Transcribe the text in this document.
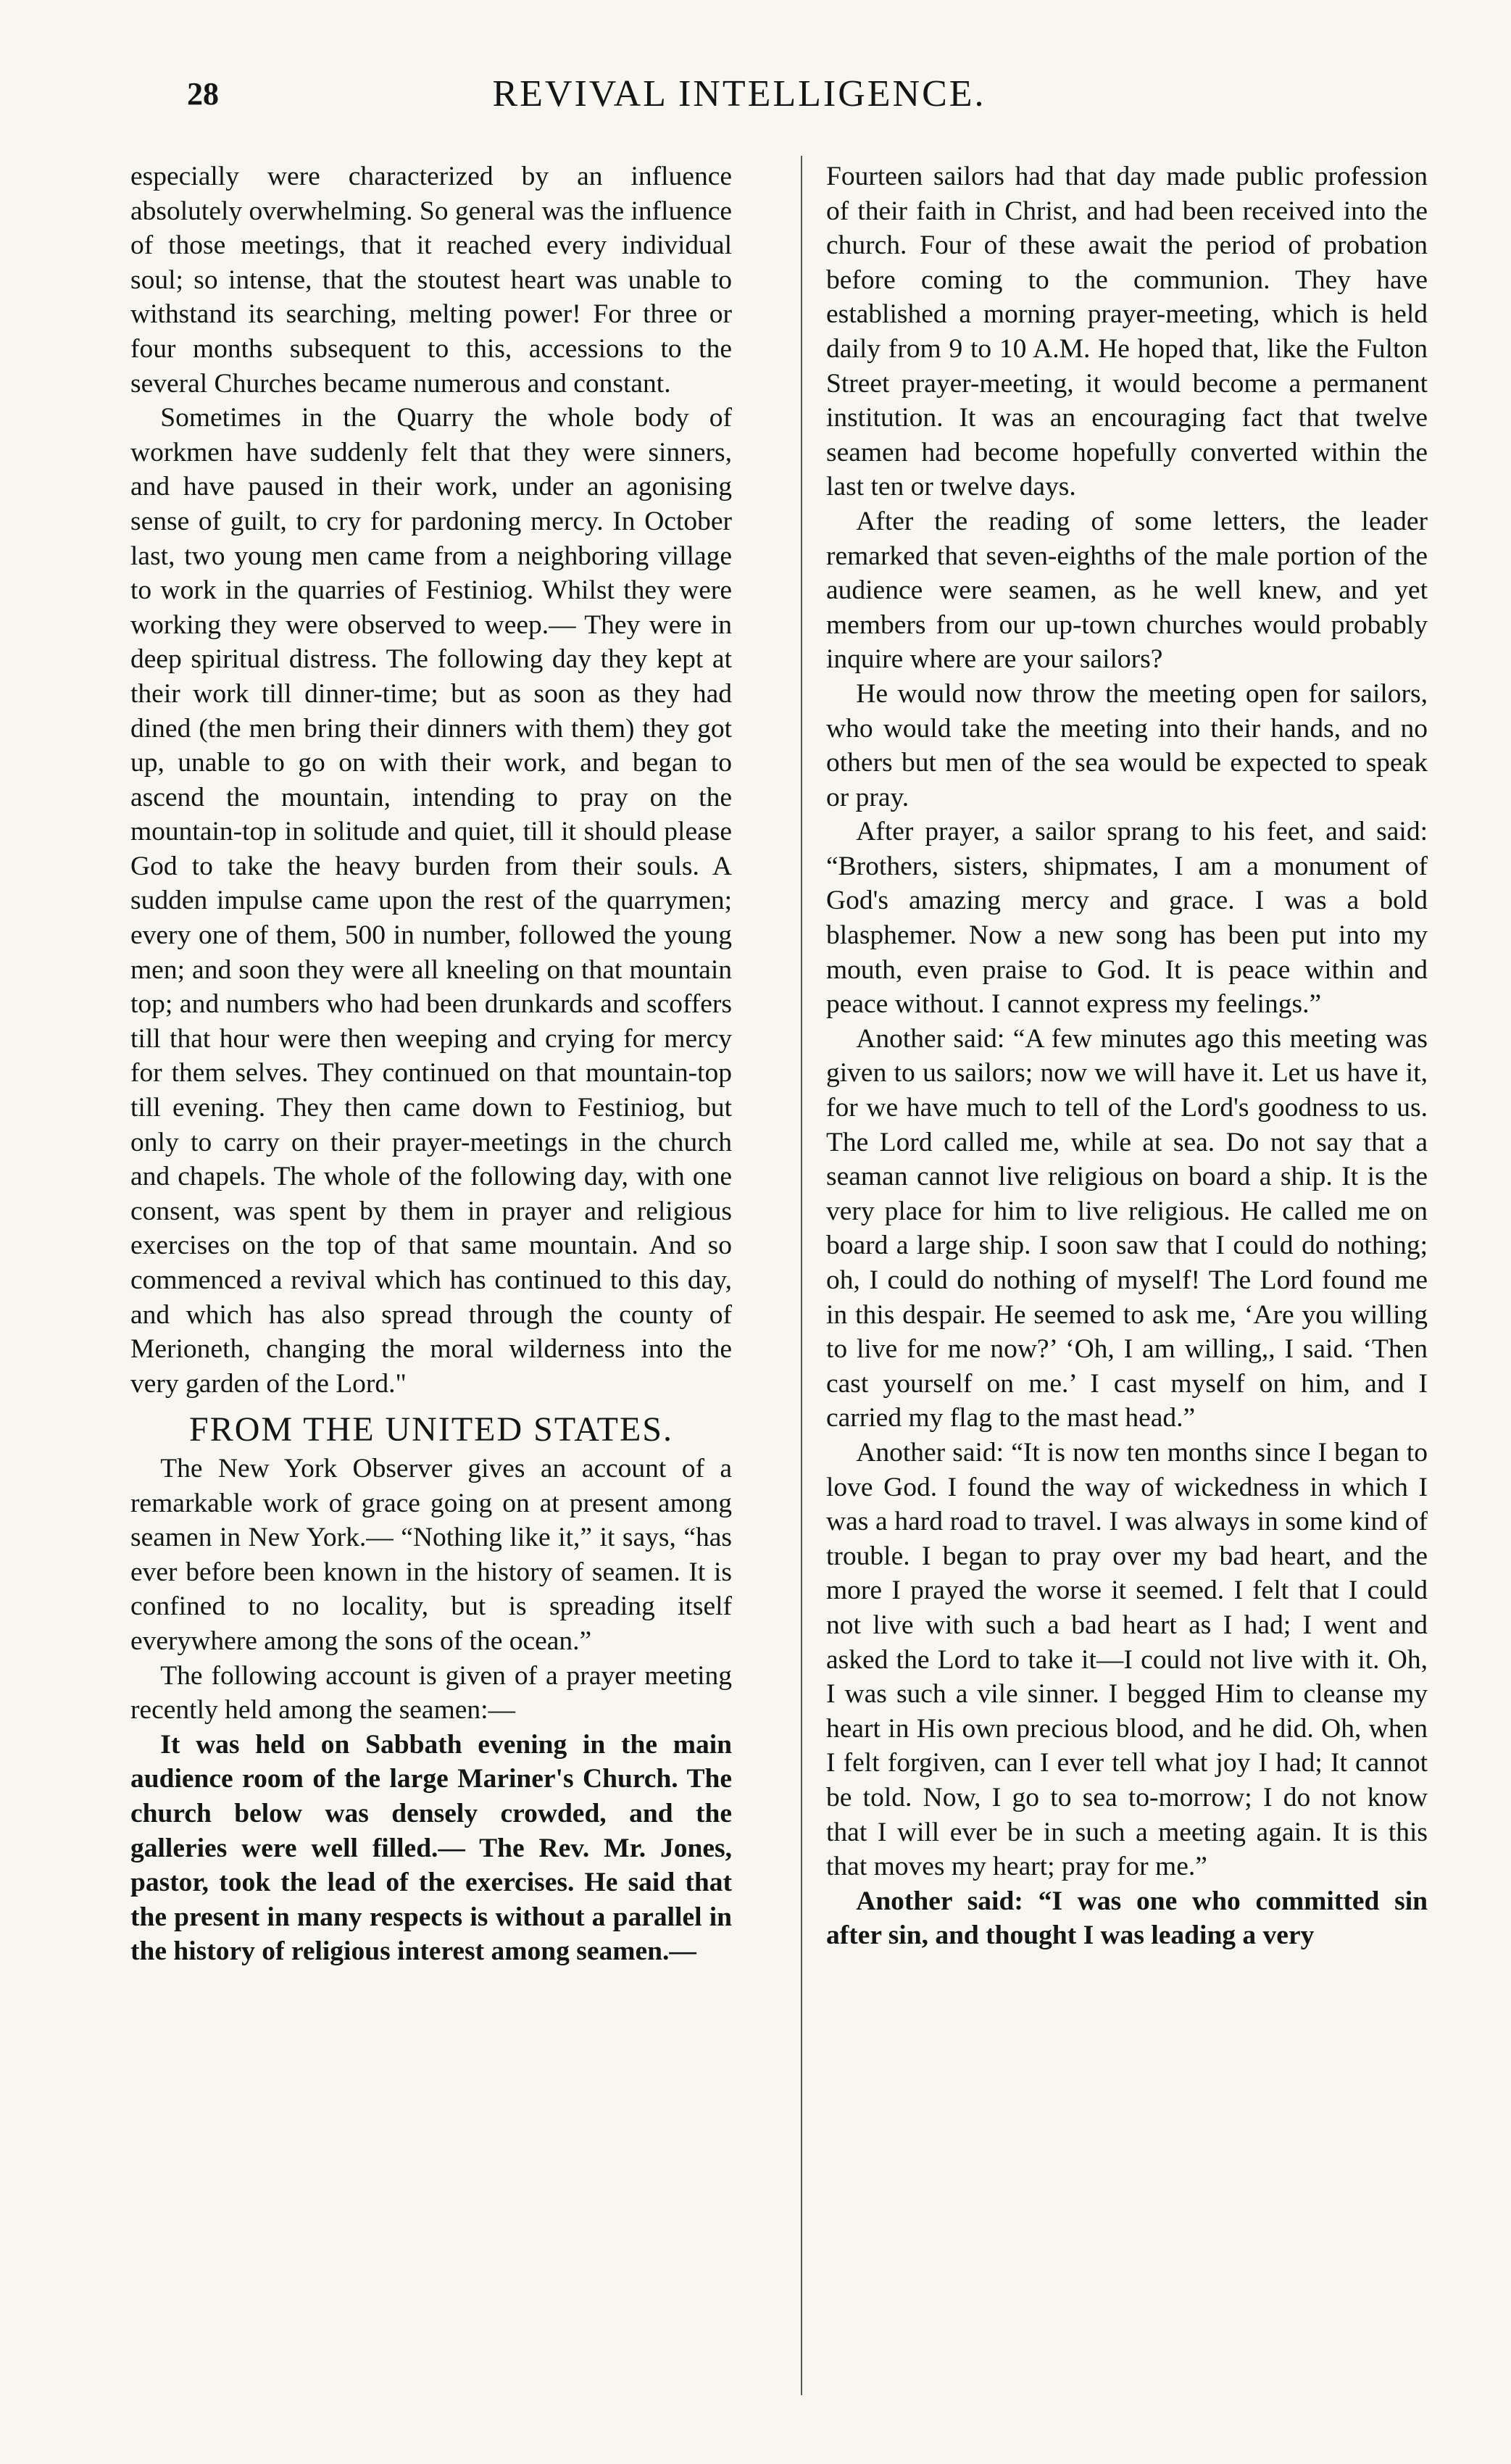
28	REVIVAL INTELLIGENCE.

especially were characterized by an influence absolutely overwhelming. So general was the influence of those meetings, that it reached every individual soul; so intense, that the stoutest heart was unable to withstand its searching, melting power! For three or four months subsequent to this, accessions to the several Churches became numerous and constant.

Sometimes in the Quarry the whole body of workmen have suddenly felt that they were sinners, and have paused in their work, under an agonising sense of guilt, to cry for pardoning mercy. In October last, two young men came from a neighboring village to work in the quarries of Festiniog. Whilst they were working they were observed to weep.— They were in deep spiritual distress. The following day they kept at their work till dinner-time; but as soon as they had dined (the men bring their dinners with them) they got up, unable to go on with their work, and began to ascend the mountain, intending to pray on the mountain-top in solitude and quiet, till it should please God to take the heavy burden from their souls. A sudden impulse came upon the rest of the quarrymen; every one of them, 500 in number, followed the young men; and soon they were all kneeling on that mountain top; and numbers who had been drunkards and scoffers till that hour were then weeping and crying for mercy for them selves. They continued on that mountain-top till evening. They then came down to Festiniog, but only to carry on their prayer-meetings in the church and chapels. The whole of the following day, with one consent, was spent by them in prayer and religious exercises on the top of that same mountain. And so commenced a revival which has continued to this day, and which has also spread through the county of Merioneth, changing the moral wilderness into the very garden of the Lord."

FROM THE UNITED STATES.

The New York Observer gives an account of a remarkable work of grace going on at present among seamen in New York.— “Nothing like it,” it says, “has ever before been known in the history of seamen. It is confined to no locality, but is spreading itself everywhere among the sons of the ocean.”

The following account is given of a prayer meeting recently held among the seamen:—

It was held on Sabbath evening in the main audience room of the large Mariner's Church. The church below was densely crowded, and the galleries were well filled.— The Rev. Mr. Jones, pastor, took the lead of the exercises. He said that the present in many respects is without a parallel in the history of religious interest among seamen.—

Fourteen sailors had that day made public profession of their faith in Christ, and had been received into the church. Four of these await the period of probation before coming to the communion. They have established a morning prayer-meeting, which is held daily from 9 to 10 A.M. He hoped that, like the Fulton Street prayer-meeting, it would become a permanent institution. It was an encouraging fact that twelve seamen had become hopefully converted within the last ten or twelve days.

After the reading of some letters, the leader remarked that seven-eighths of the male portion of the audience were seamen, as he well knew, and yet members from our up-town churches would probably inquire where are your sailors?

He would now throw the meeting open for sailors, who would take the meeting into their hands, and no others but men of the sea would be expected to speak or pray.

After prayer, a sailor sprang to his feet, and said: “Brothers, sisters, shipmates, I am a monument of God's amazing mercy and grace. I was a bold blasphemer. Now a new song has been put into my mouth, even praise to God. It is peace within and peace without. I cannot express my feelings.”

Another said: “A few minutes ago this meeting was given to us sailors; now we will have it. Let us have it, for we have much to tell of the Lord's goodness to us. The Lord called me, while at sea. Do not say that a seaman cannot live religious on board a ship. It is the very place for him to live religious. He called me on board a large ship. I soon saw that I could do nothing; oh, I could do nothing of myself! The Lord found me in this despair. He seemed to ask me, ‘Are you willing to live for me now?’ ‘Oh, I am willing,, I said. ‘Then cast yourself on me.’ I cast myself on him, and I carried my flag to the mast head.”

Another said: “It is now ten months since I began to love God. I found the way of wickedness in which I was a hard road to travel. I was always in some kind of trouble. I began to pray over my bad heart, and the more I prayed the worse it seemed. I felt that I could not live with such a bad heart as I had; I went and asked the Lord to take it—I could not live with it. Oh, I was such a vile sinner. I begged Him to cleanse my heart in His own precious blood, and he did. Oh, when I felt forgiven, can I ever tell what joy I had; It cannot be told. Now, I go to sea to-morrow; I do not know that I will ever be in such a meeting again. It is this that moves my heart; pray for me.”

Another said: “I was one who committed sin after sin, and thought I was leading a very
